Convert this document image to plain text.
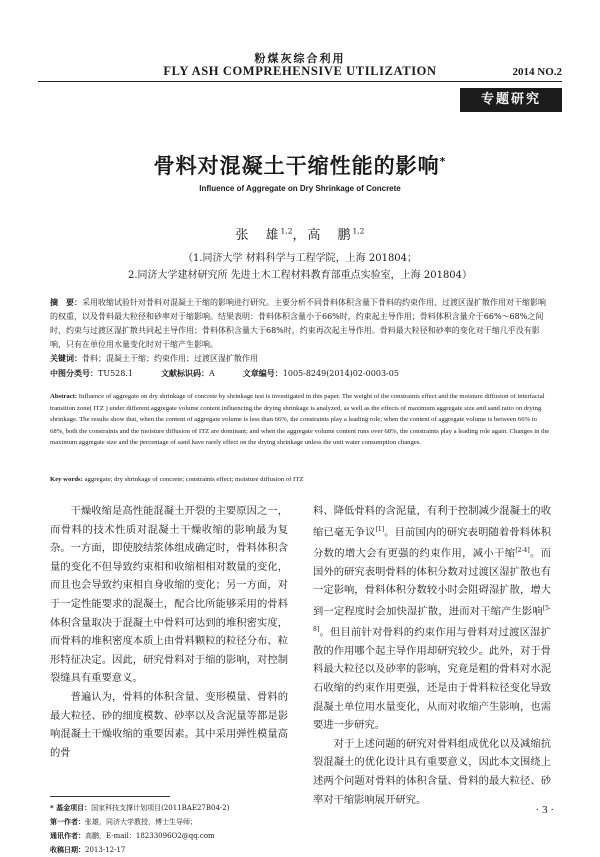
粉煤灰综合利用
FLY ASH COMPREHENSIVE UTILIZATION	2014 NO.2
专题研究
骨料对混凝土干缩性能的影响*
Influence of Aggregate on Dry Shrinkage of Concrete
张　雄$^{1,2}$，高　鹏$^{1,2}$
（1.同济大学 材料科学与工程学院，上海 201804；
2.同济大学建材研究所 先进土木工程材料教育部重点实验室，上海 201804）
摘　要：采用收缩试验针对骨料对混凝土干缩的影响进行研究。主要分析不同骨料体积含量下骨料的约束作用、过渡区湿扩散作用对干缩影响的权重，以及骨料最大粒径和砂率对于缩影响。结果表明：骨料体积含量小于66%时，约束起主导作用；骨料体积含量介于66%～68%之间时，约束与过渡区湿扩散共同起主导作用；骨料体积含量大于68%时，约束再次起主导作用。骨料最大粒径和砂率的变化对干缩几乎没有影响，只有在单位用水量变化时对干缩产生影响。
关键词：骨料；混凝土干缩；约束作用；过渡区湿扩散作用
中图分类号：TU528.1	文献标识码：A	文章编号：1005-8249(2014)02-0003-05
Abstract: Influence of aggregate on dry shrinkage of concrete by shrinkage test is investigated in this paper. The weight of the constraints effect and the moisture diffusion of interfacial transition zone( ITZ ) under different aggregate volume content influencing the drying shrinkage is analyzed, as well as the effects of maximum aggregate size and sand ratio on drying shrinkage. The results show that, when the content of aggregate volume is less than 66%, the constraints play a leading role; when the content of aggregate volume is between 66% to 68%, both the constraints and the moisture diffusion of ITZ are dominant; and when the aggregate volume content runs over 68%, the constraints play a leading role again. Changes in the maximum aggregate size and the percentage of sand have rarely effect on the drying shrinkage unless the unit water consumption changes.
Key words: aggregate; dry shrinkage of concrete; constraints effect; moisture diffusion of ITZ

干燥收缩是高性能混凝土开裂的主要原因之一，而骨料的技术性质对混凝土干燥收缩的影响最为复杂。一方面，即使胶结浆体组成确定时，骨料体积含量的变化不但导致约束相和收缩相相对数量的变化，而且也会导致约束相自身收缩的变化；另一方面，对于一定性能要求的混凝土，配合比所能够采用的骨料体积含量取决于混凝土中骨料可达到的堆积密实度，而骨料的堆积密度本质上由骨料颗粒的粒径分布、粒形特征决定。因此，研究骨料对于缩的影响，对控制裂缝具有重要意义。

普遍认为，骨料的体积含量、变形模量、骨料的最大粒径、砂的细度模数、砂率以及含泥量等都是影响混凝土干燥收缩的重要因素。其中采用弹性模量高的骨

料、降低骨料的含泥量，有利于控制减少混凝土的收缩已毫无争议[1]。目前国内的研究表明随着骨料体积分数的增大会有更强的约束作用，减小干缩[2-4]。而国外的研究表明骨料的体积分数对过渡区湿扩散也有一定影响，骨料体积分数较小时会阻碍湿扩散，增大到一定程度时会加快湿扩散，进而对干缩产生影响[5-8]。但目前针对骨料的约束作用与骨料对过渡区湿扩散的作用哪个起主导作用却研究较少。此外，对于骨料最大粒径以及砂率的影响，究竟是粗的骨料对水泥石收缩的约束作用更强，还是由于骨料粒径变化导致混凝土单位用水量变化，从而对收缩产生影响，也需要进一步研究。

对于上述问题的研究对骨料组成优化以及减缩抗裂混凝土的优化设计具有重要意义，因此本文围绕上述两个问题对骨料的体积含量、骨料的最大粒径、砂率对干缩影响展开研究。

* 基金项目：国家科技支撑计划项目(2011BAE27B04-2)
第一作者：张雄，同济大学教授，博士生导师；
通讯作者：高鹏，E-mail：18233096O2@qq.com
收稿日期：2013-12-17
· 3 ·
